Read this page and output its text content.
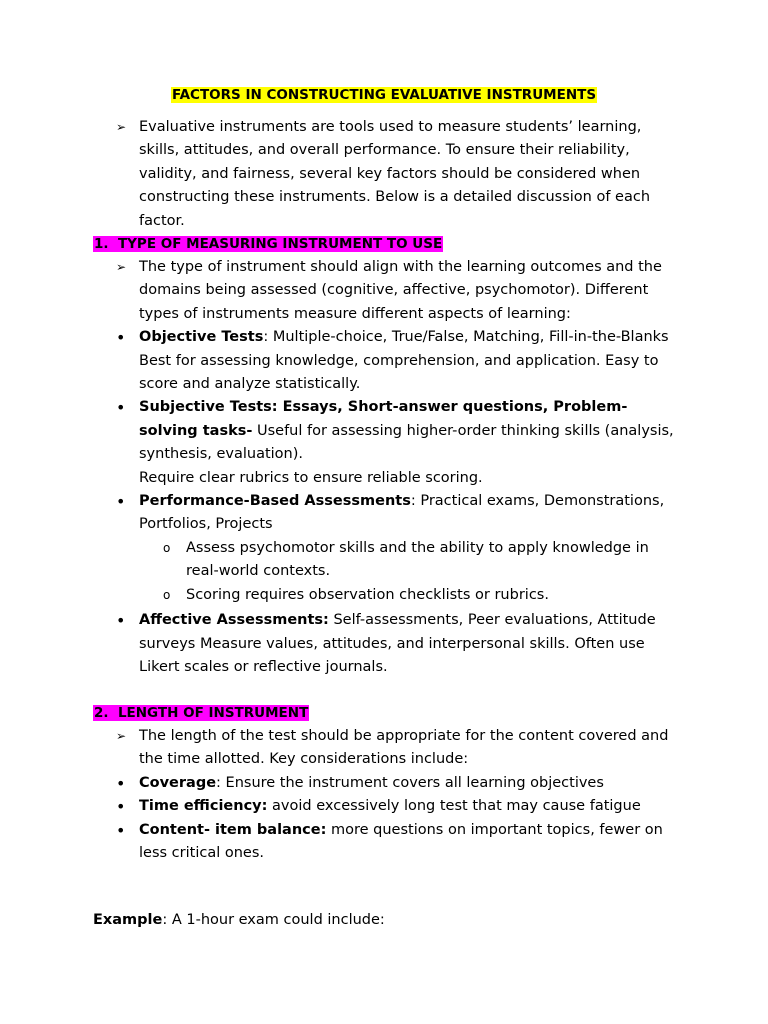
FACTORS IN CONSTRUCTING EVALUATIVE INSTRUMENTS
➢ Evaluative instruments are tools used to measure students’ learning, skills, attitudes, and overall performance. To ensure their reliability, validity, and fairness, several key factors should be considered when constructing these instruments. Below is a detailed discussion of each factor.
1. TYPE OF MEASURING INSTRUMENT TO USE
➢ The type of instrument should align with the learning outcomes and the domains being assessed (cognitive, affective, psychomotor). Different types of instruments measure different aspects of learning:
• Objective Tests: Multiple-choice, True/False, Matching, Fill-in-the-Blanks Best for assessing knowledge, comprehension, and application. Easy to score and analyze statistically.
• Subjective Tests: Essays, Short-answer questions, Problem-solving tasks- Useful for assessing higher-order thinking skills (analysis, synthesis, evaluation).
Require clear rubrics to ensure reliable scoring.
• Performance-Based Assessments: Practical exams, Demonstrations, Portfolios, Projects
o	Assess psychomotor skills and the ability to apply knowledge in real-world contexts.
o	Scoring requires observation checklists or rubrics.
• Affective Assessments: Self-assessments, Peer evaluations, Attitude surveys Measure values, attitudes, and interpersonal skills. Often use Likert scales or reflective journals.
2. LENGTH OF INSTRUMENT
➢ The length of the test should be appropriate for the content covered and the time allotted. Key considerations include:
• Coverage: Ensure the instrument covers all learning objectives
• Time efficiency: avoid excessively long test that may cause fatigue
• Content- item balance: more questions on important topics, fewer on less critical ones.
Example: A 1-hour exam could include:
